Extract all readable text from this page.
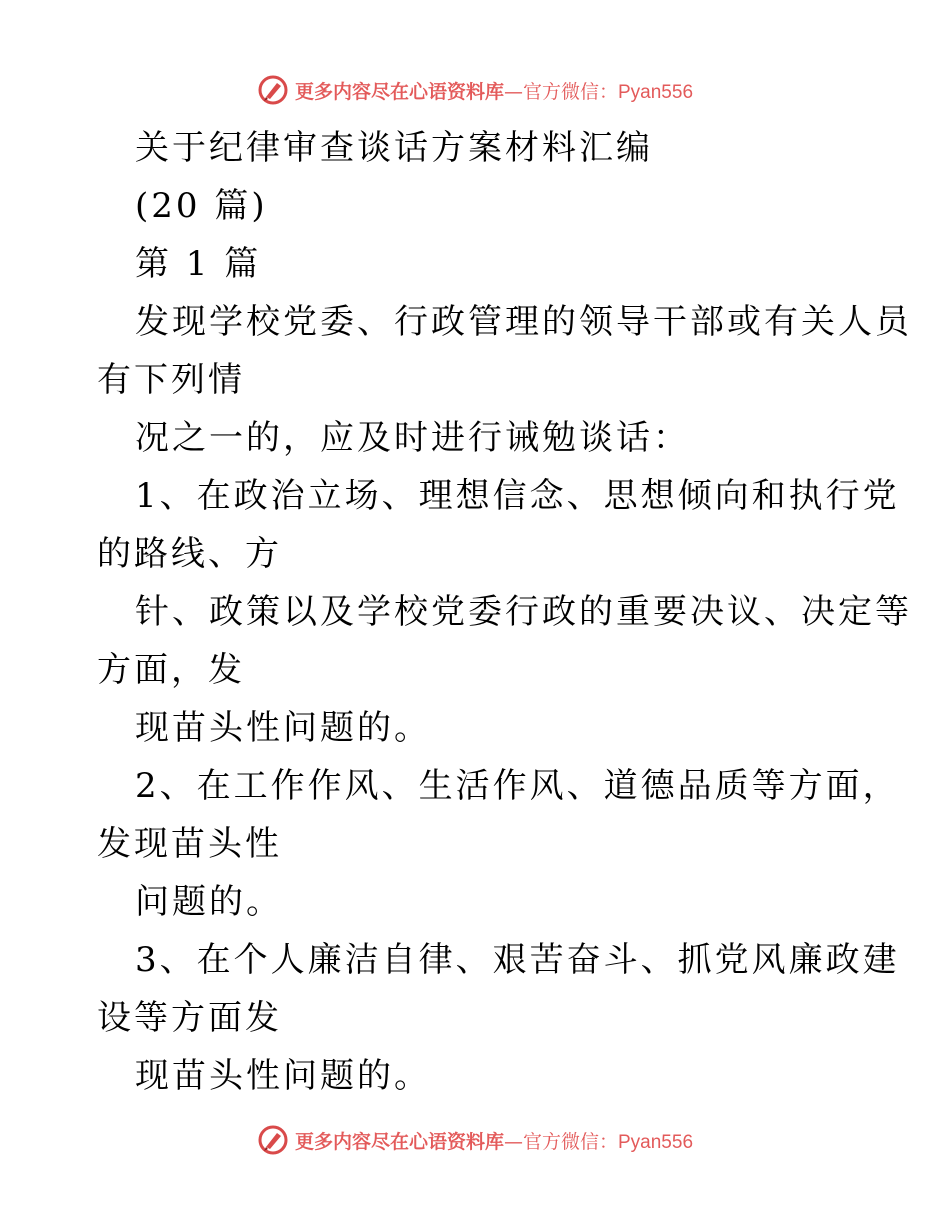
更多内容尽在心语资料库—官方微信：Pyan556
关于纪律审查谈话方案材料汇编
(20 篇)
第 1 篇
发现学校党委、行政管理的领导干部或有关人员
有下列情
况之一的，应及时进行诫勉谈话：
1、在政治立场、理想信念、思想倾向和执行党
的路线、方
针、政策以及学校党委行政的重要决议、决定等
方面，发
现苗头性问题的。
2、在工作作风、生活作风、道德品质等方面，
发现苗头性
问题的。
3、在个人廉洁自律、艰苦奋斗、抓党风廉政建
设等方面发
现苗头性问题的。
更多内容尽在心语资料库—官方微信：Pyan556
